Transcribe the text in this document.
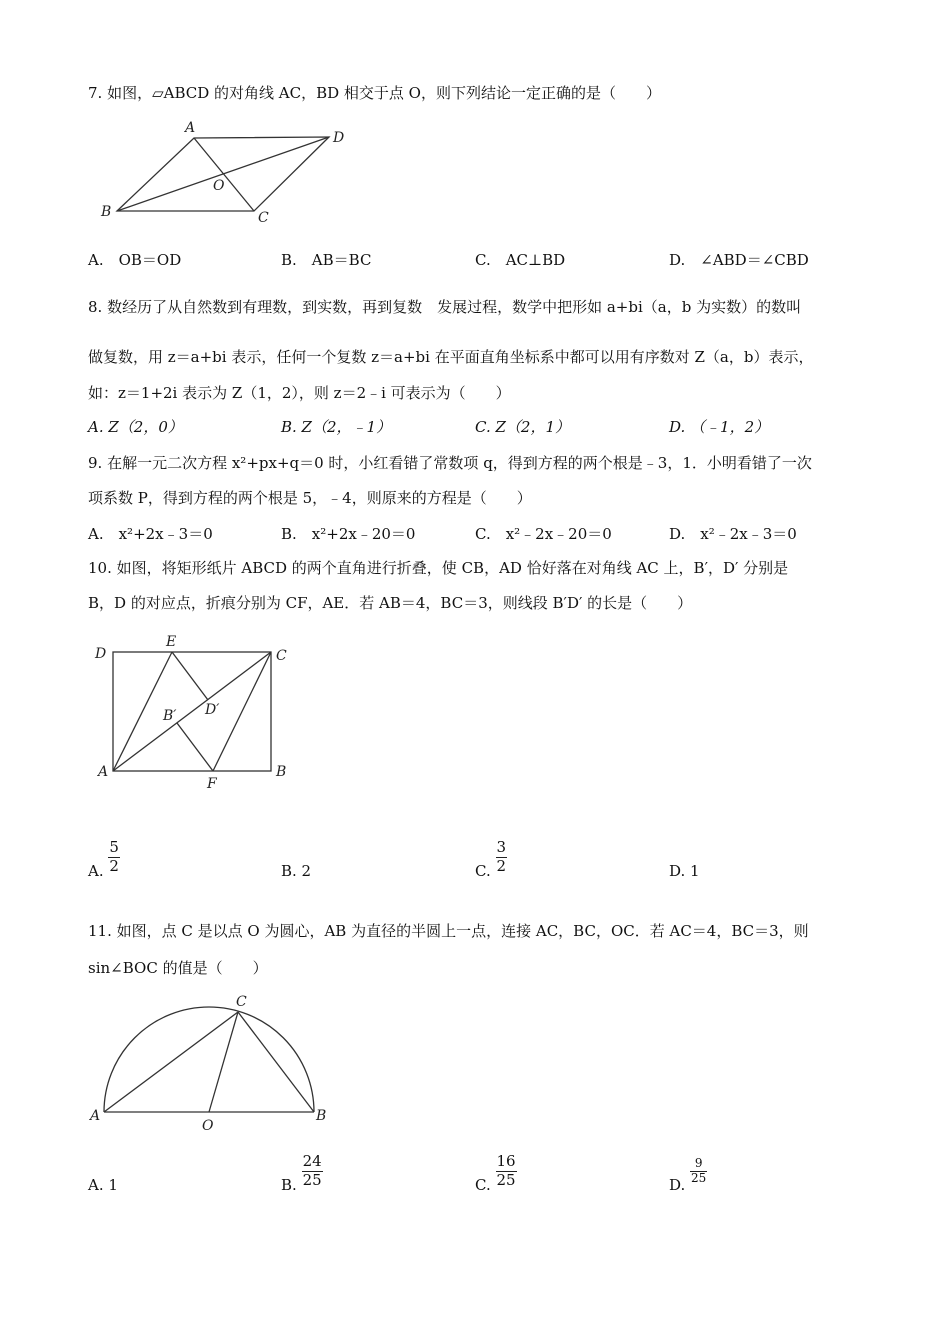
7. 如图，▱ABCD 的对角线 AC，BD 相交于点 O，则下列结论一定正确的是（　　）
A
D
O
B	C
A.　OB＝OD	B.　AB＝BC	C.　AC⊥BD	D.　∠ABD＝∠CBD
8. 数经历了从自然数到有理数，到实数，再到复数　发展过程，数学中把形如 a+bi（a，b 为实数）的数叫
做复数，用 z＝a+bi 表示，任何一个复数 z＝a+bi 在平面直角坐标系中都可以用有序数对 Z（a，b）表示，
如：z＝1+2i 表示为 Z（1，2），则 z＝2﹣i 可表示为（　　）
A. Z（2，0）	B. Z（2，﹣1）	C. Z（2，1）	D. （﹣1，2）
9. 在解一元二次方程 x²+px+q＝0 时，小红看错了常数项 q，得到方程的两个根是﹣3，1．小明看错了一次
项系数 P，得到方程的两个根是 5，﹣4，则原来的方程是（　　）
A.　x²+2x﹣3＝0	B.　x²+2x﹣20＝0	C.　x²﹣2x﹣20＝0	D.　x²﹣2x﹣3＝0
10. 如图，将矩形纸片 ABCD 的两个直角进行折叠，使 CB，AD 恰好落在对角线 AC 上，B′，D′ 分别是
B，D 的对应点，折痕分别为 CF，AE．若 AB＝4，BC＝3，则线段 B′D′ 的长是（　　）
D
E
C
B′ D′
A
F
B
A. $\frac{5}{2}$	B. 2	C. $\frac{3}{2}$	D. 1
11. 如图，点 C 是以点 O 为圆心，AB 为直径的半圆上一点，连接 AC，BC，OC．若 AC＝4，BC＝3，则
sin∠BOC 的值是（　　）
C
A
O
B
A. 1	B. $\frac{24}{25}$	C. $\frac{16}{25}$	D. $\frac{9}{25}$
